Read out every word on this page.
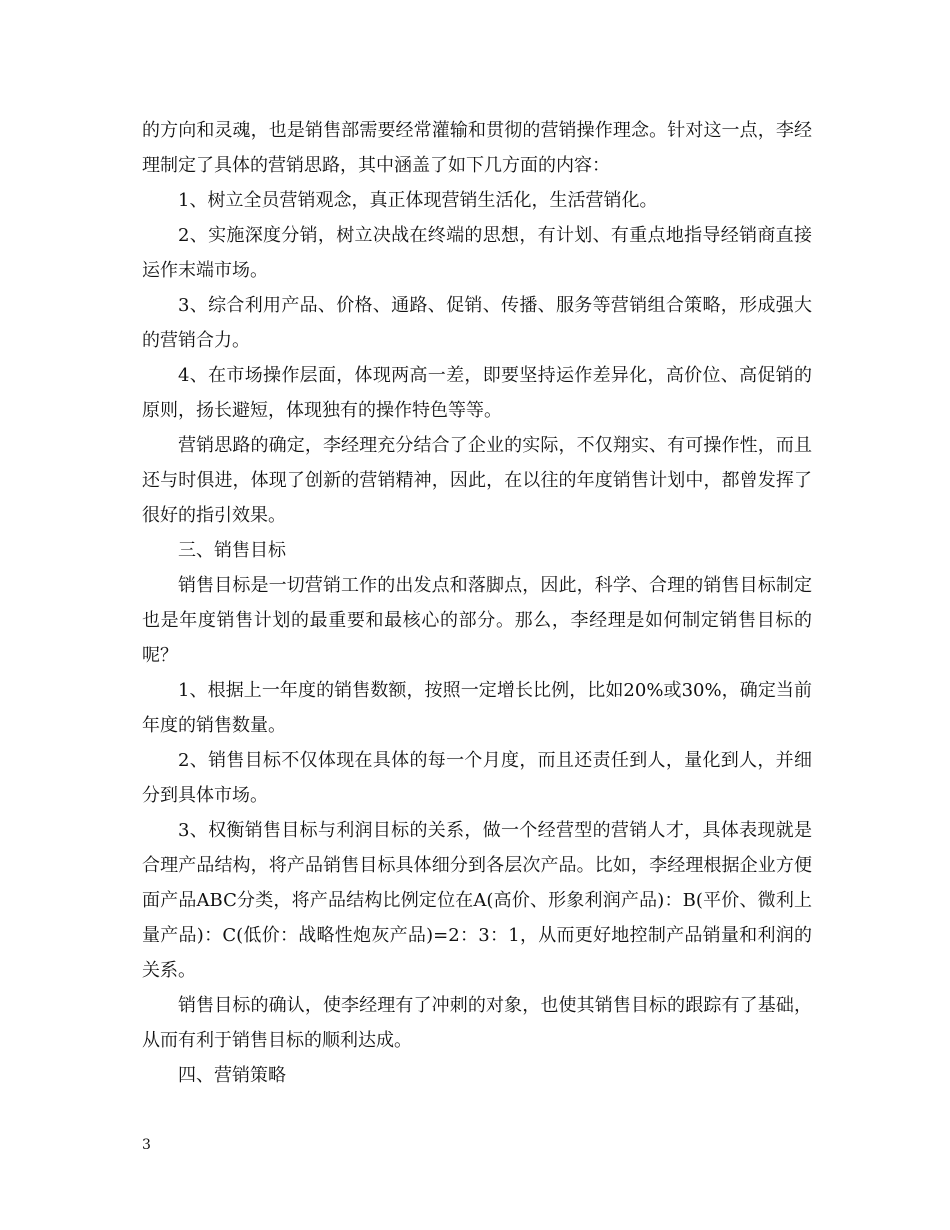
的方向和灵魂，也是销售部需要经常灌输和贯彻的营销操作理念。针对这一点，李经理制定了具体的营销思路，其中涵盖了如下几方面的内容：

1、树立全员营销观念，真正体现营销生活化，生活营销化。

2、实施深度分销，树立决战在终端的思想，有计划、有重点地指导经销商直接运作末端市场。

3、综合利用产品、价格、通路、促销、传播、服务等营销组合策略，形成强大的营销合力。

4、在市场操作层面，体现两高一差，即要坚持运作差异化，高价位、高促销的原则，扬长避短，体现独有的操作特色等等。

营销思路的确定，李经理充分结合了企业的实际，不仅翔实、有可操作性，而且还与时俱进，体现了创新的营销精神，因此，在以往的年度销售计划中，都曾发挥了很好的指引效果。

三、销售目标

销售目标是一切营销工作的出发点和落脚点，因此，科学、合理的销售目标制定也是年度销售计划的最重要和最核心的部分。那么，李经理是如何制定销售目标的呢？

1、根据上一年度的销售数额，按照一定增长比例，比如20%或30%，确定当前年度的销售数量。

2、销售目标不仅体现在具体的每一个月度，而且还责任到人，量化到人，并细分到具体市场。

3、权衡销售目标与利润目标的关系，做一个经营型的营销人才，具体表现就是合理产品结构，将产品销售目标具体细分到各层次产品。比如，李经理根据企业方便面产品ABC分类，将产品结构比例定位在A(高价、形象利润产品)：B(平价、微利上量产品)：C(低价：战略性炮灰产品)=2：3：1，从而更好地控制产品销量和利润的关系。

销售目标的确认，使李经理有了冲刺的对象，也使其销售目标的跟踪有了基础，从而有利于销售目标的顺利达成。

四、营销策略

3
